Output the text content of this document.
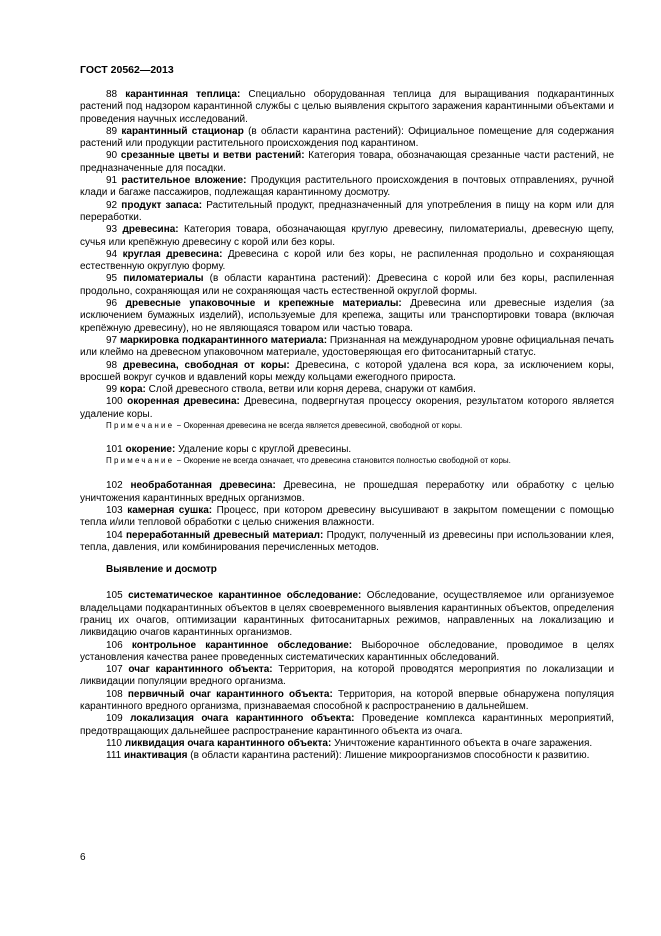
ГОСТ 20562—2013

88 карантинная теплица: Специально оборудованная теплица для выращивания подкарантинных растений под надзором карантинной службы с целью выявления скрытого заражения карантинными объектами и проведения научных исследований.

89 карантинный стационар (в области карантина растений): Официальное помещение для содержания растений или продукции растительного происхождения под карантином.

90 срезанные цветы и ветви растений: Категория товара, обозначающая срезанные части растений, не предназначенные для посадки.

91 растительное вложение: Продукция растительного происхождения в почтовых отправлениях, ручной клади и багаже пассажиров, подлежащая карантинному досмотру.

92 продукт запаса: Растительный продукт, предназначенный для употребления в пищу на корм или для переработки.

93 древесина: Категория товара, обозначающая круглую древесину, пиломатериалы, древесную щепу, сучья или крепёжную древесину с корой или без коры.

94 круглая древесина: Древесина с корой или без коры, не распиленная продольно и сохраняющая естественную округлую форму.

95 пиломатериалы (в области карантина растений): Древесина с корой или без коры, распиленная продольно, сохраняющая или не сохраняющая часть естественной округлой формы.

96 древесные упаковочные и крепежные материалы: Древесина или древесные изделия (за исключением бумажных изделий), используемые для крепежа, защиты или транспортировки товара (включая крепёжную древесину), но не являющаяся товаром или частью товара.

97 маркировка подкарантинного материала: Признанная на международном уровне официальная печать или клеймо на древесном упаковочном материале, удостоверяющая его фитосанитарный статус.

98 древесина, свободная от коры: Древесина, с которой удалена вся кора, за исключением коры, вросшей вокруг сучков и вдавлений коры между кольцами ежегодного прироста.

99 кора: Слой древесного ствола, ветви или корня дерева, снаружи от камбия.

100 окоренная древесина: Древесина, подвергнутая процессу окорения, результатом которого является удаление коры.

Примечание − Окоренная древесина не всегда является древесиной, свободной от коры.

101 окорение: Удаление коры с круглой древесины.

Примечание − Окорение не всегда означает, что древесина становится полностью свободной от коры.

102 необработанная древесина: Древесина, не прошедшая переработку или обработку с целью уничтожения карантинных вредных организмов.

103 камерная сушка: Процесс, при котором древесину высушивают в закрытом помещении с помощью тепла и/или тепловой обработки с целью снижения влажности.

104 переработанный древесный материал: Продукт, полученный из древесины при использовании клея, тепла, давления, или комбинирования перечисленных методов.

Выявление и досмотр

105 систематическое карантинное обследование: Обследование, осуществляемое или организуемое владельцами подкарантинных объектов в целях своевременного выявления карантинных объектов, определения границ их очагов, оптимизации карантинных фитосанитарных режимов, направленных на локализацию и ликвидацию очагов карантинных организмов.

106 контрольное карантинное обследование: Выборочное обследование, проводимое в целях установления качества ранее проведенных систематических карантинных обследований.

107 очаг карантинного объекта: Территория, на которой проводятся мероприятия по локализации и ликвидации популяции вредного организма.

108 первичный очаг карантинного объекта: Территория, на которой впервые обнаружена популяция карантинного вредного организма, признаваемая способной к распространению в дальнейшем.

109 локализация очага карантинного объекта: Проведение комплекса карантинных мероприятий, предотвращающих дальнейшее распространение карантинного объекта из очага.

110 ликвидация очага карантинного объекта: Уничтожение карантинного объекта в очаге заражения.

111 инактивация (в области карантина растений): Лишение микроорганизмов способности к развитию.

6
